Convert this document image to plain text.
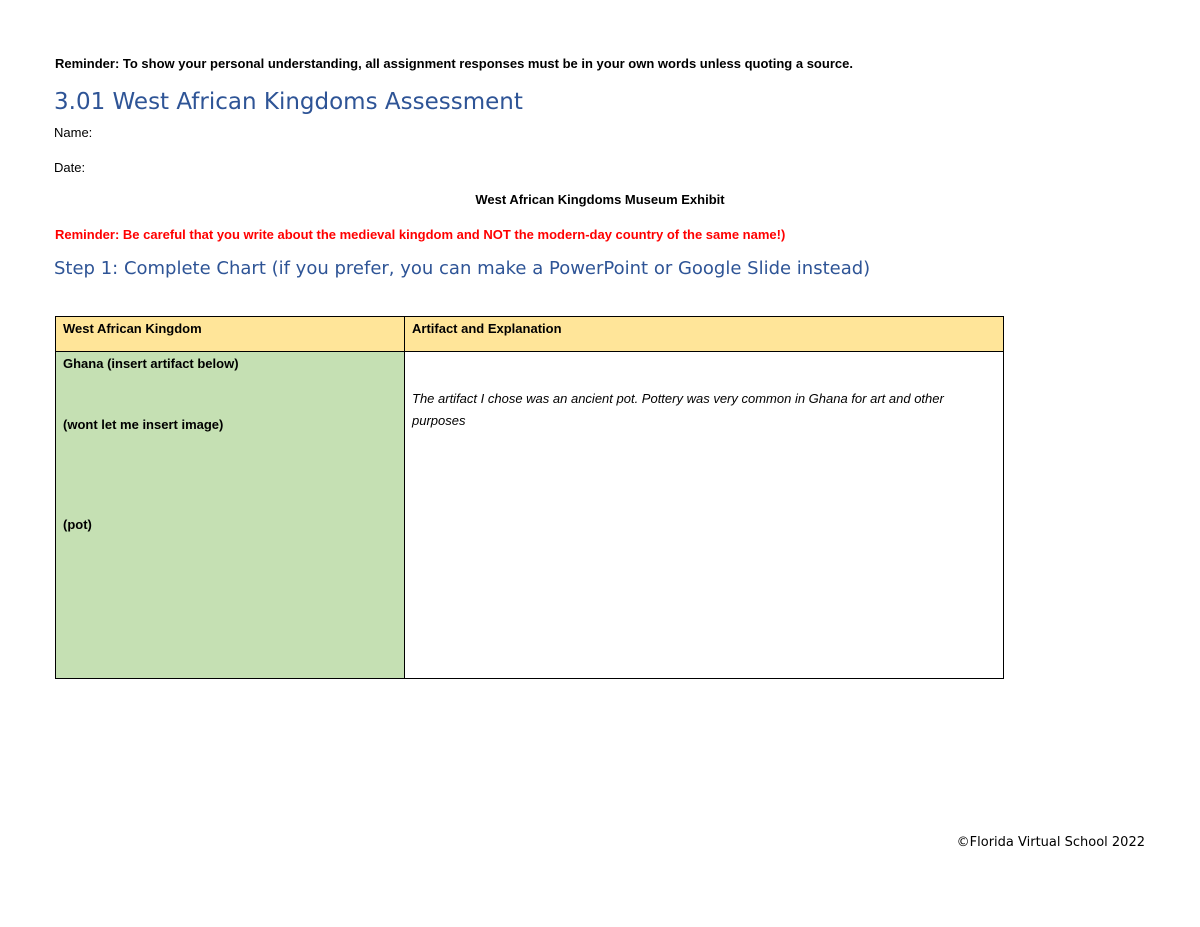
Reminder: To show your personal understanding, all assignment responses must be in your own words unless quoting a source.
3.01 West African Kingdoms Assessment
Name:
Date:
West African Kingdoms Museum Exhibit
Reminder: Be careful that you write about the medieval kingdom and NOT the modern-day country of the same name!)
Step 1: Complete Chart (if you prefer, you can make a PowerPoint or Google Slide instead)
West African Kingdom	Artifact and Explanation

Ghana (insert artifact below)
(wont let me insert image)
(pot)	The artifact I chose was an ancient pot. Pottery was very common in Ghana for art and other purposes
©Florida Virtual School 2022
